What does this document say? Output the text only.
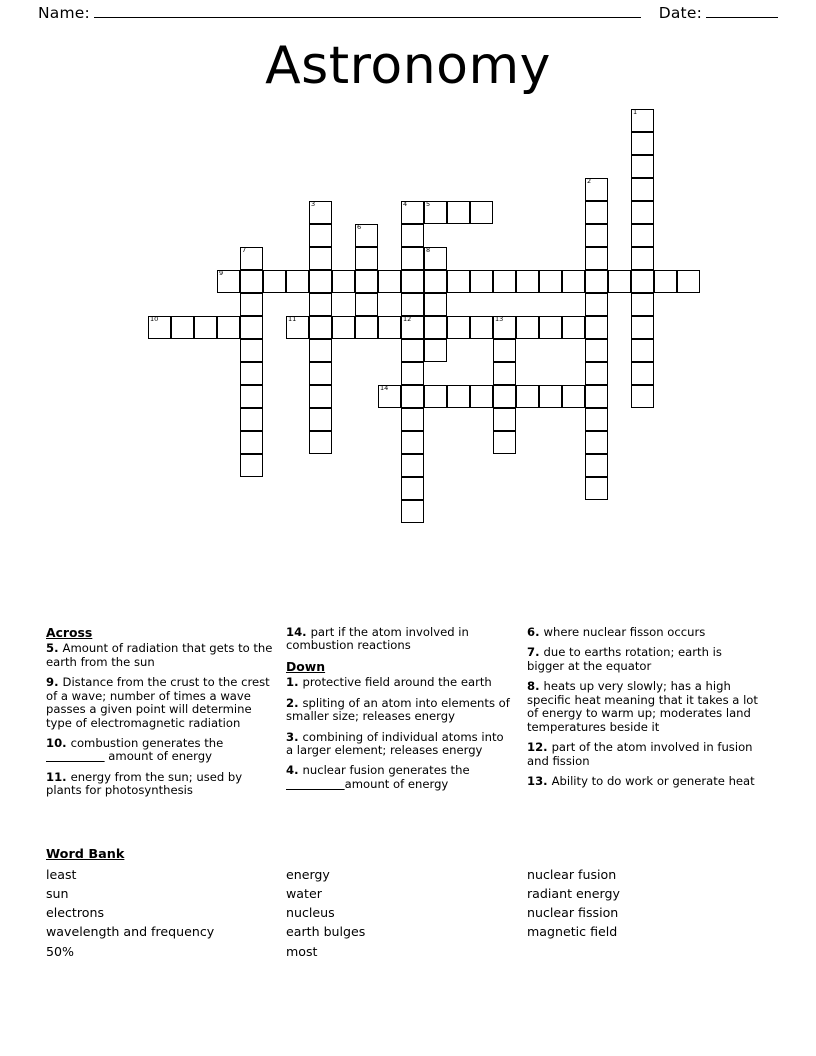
Name:	Date:
Astronomy
1
2
3	4	5
6
7	8
9
10	11	12	13
14
Across
5. Amount of radiation that gets to the earth from the sun
9. Distance from the crust to the crest of a wave; number of times a wave passes a given point will determine type of electromagnetic radiation
10. combustion generates the                amount of energy
11. energy from the sun; used by plants for photosynthesis
14. part if the atom involved in combustion reactions
Down
1. protective field around the earth
2. spliting of an atom into elements of smaller size; releases energy
3. combining of individual atoms into a larger element; releases energy
4. nuclear fusion generates the               amount of energy
6. where nuclear fisson occurs
7. due to earths rotation; earth is bigger at the equator
8. heats up very slowly; has a high specific heat meaning that it takes a lot of energy to warm up; moderates land temperatures beside it
12. part of the atom involved in fusion and fission
13. Ability to do work or generate heat
Word Bank
least
sun
electrons
wavelength and frequency
50%
energy
water
nucleus
earth bulges
most
nuclear fusion
radiant energy
nuclear fission
magnetic field
